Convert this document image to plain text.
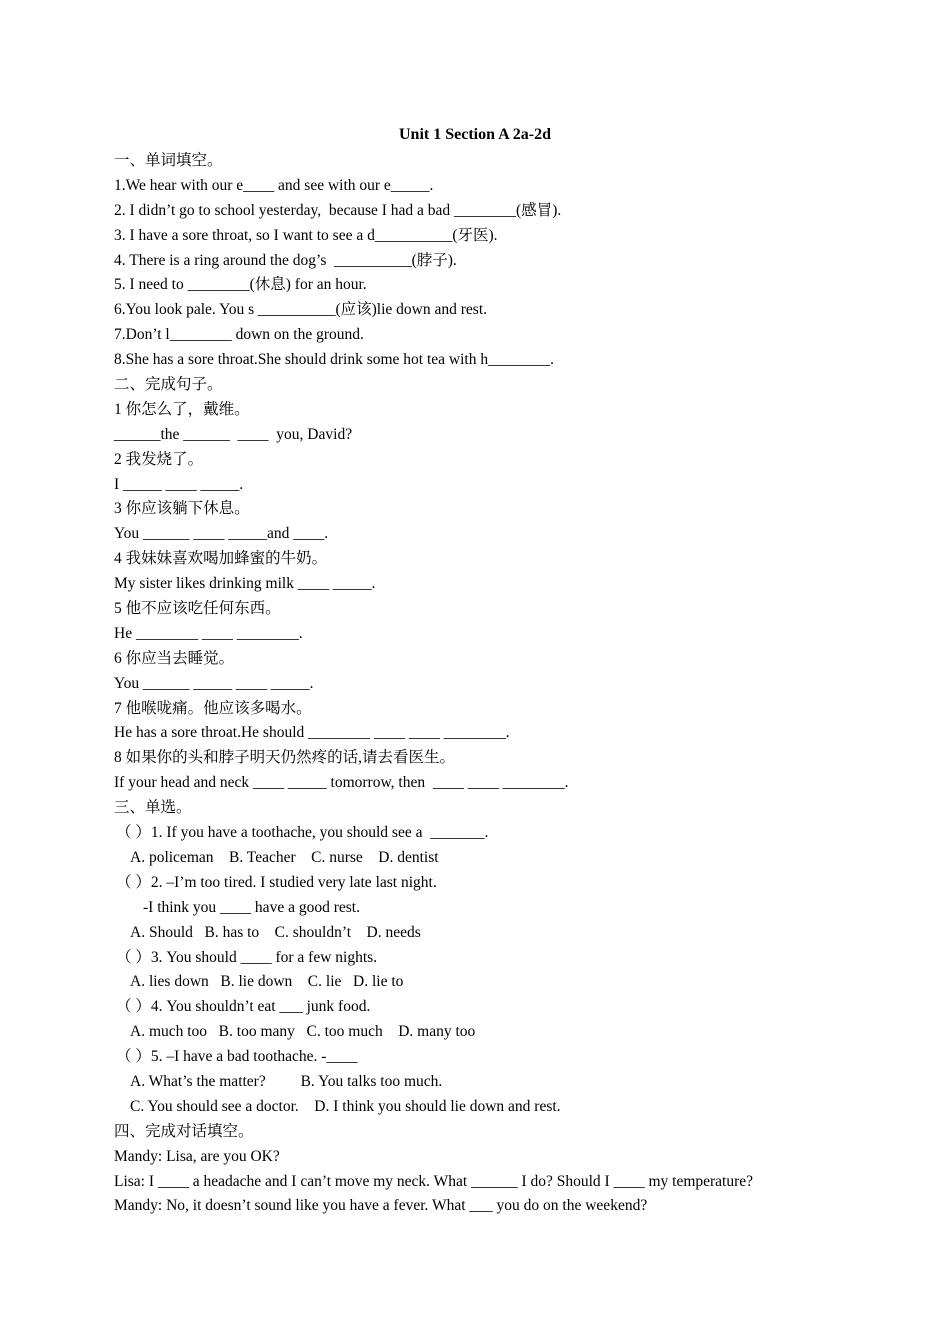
Unit 1 Section A 2a-2d
一、单词填空。
1.We hear with our e____ and see with our e_____.
2. I didn’t go to school yesterday,  because I had a bad ________(感冒).
3. I have a sore throat, so I want to see a d__________(牙医).
4. There is a ring around the dog’s  __________(脖子).
5. I need to ________(休息) for an hour.
6.You look pale. You s __________(应该)lie down and rest.
7.Don’t l________ down on the ground.
8.She has a sore throat.She should drink some hot tea with h________.
二、完成句子。
1 你怎么了，戴维。
______the ______  ____  you, David?
2 我发烧了。
I _____ ____ _____.
3 你应该躺下休息。
You ______ ____ _____and ____.
4 我妹妹喜欢喝加蜂蜜的牛奶。
My sister likes drinking milk ____ _____.
5 他不应该吃任何东西。
He ________ ____ ________.
6 你应当去睡觉。
You ______ _____ ____ _____.
7 他喉咙痛。他应该多喝水。
He has a sore throat.He should ________ ____ ____ ________.
8 如果你的头和脖子明天仍然疼的话,请去看医生。
If your head and neck ____ _____ tomorrow, then  ____ ____ ________.
三、单选。
（ ）1. If you have a toothache, you should see a  _______.
A. policeman    B. Teacher    C. nurse    D. dentist
（ ）2. –I’m too tired. I studied very late last night.
-I think you ____ have a good rest.
A. Should   B. has to    C. shouldn’t    D. needs
（ ）3. You should ____ for a few nights.
A. lies down   B. lie down    C. lie   D. lie to
（ ）4. You shouldn’t eat ___ junk food.
A. much too   B. too many   C. too much    D. many too
（ ）5. –I have a bad toothache. -____
A. What’s the matter?         B. You talks too much.
C. You should see a doctor.    D. I think you should lie down and rest.
四、完成对话填空。
Mandy: Lisa, are you OK?
Lisa: I ____ a headache and I can’t move my neck. What ______ I do? Should I ____ my temperature?
Mandy: No, it doesn’t sound like you have a fever. What ___ you do on the weekend?
